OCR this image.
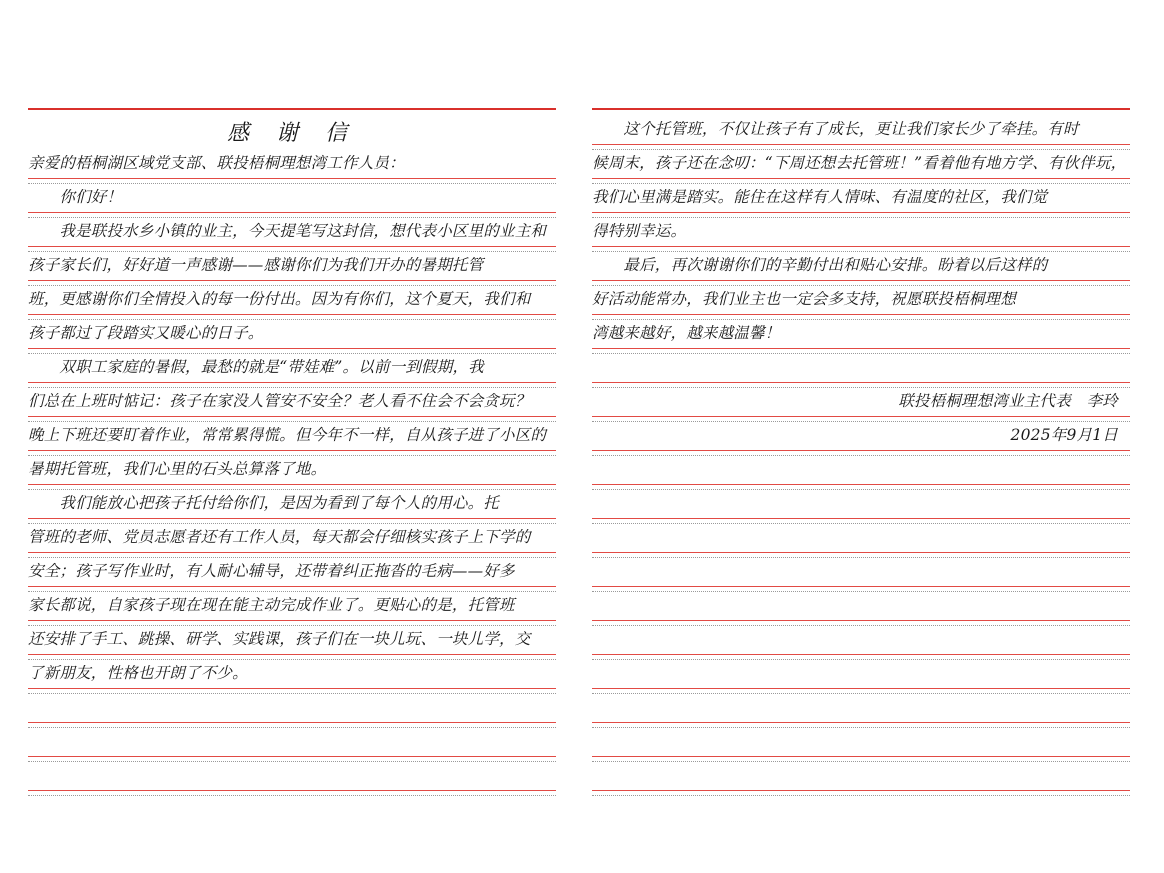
感 谢 信
亲爱的梧桐湖区域党支部、联投梧桐理想湾工作人员：
　　你们好！
　　我是联投水乡小镇的业主，今天提笔写这封信，想代表小区里的业主和
孩子家长们，好好道一声感谢——感谢你们为我们开办的暑期托管
班，更感谢你们全情投入的每一份付出。因为有你们，这个夏天，我们和
孩子都过了段踏实又暖心的日子。
　　双职工家庭的暑假，最愁的就是“带娃难”。以前一到假期，我
们总在上班时惦记：孩子在家没人管安不安全？老人看不住会不会贪玩？
晚上下班还要盯着作业，常常累得慌。但今年不一样，自从孩子进了小区的
暑期托管班，我们心里的石头总算落了地。
　　我们能放心把孩子托付给你们，是因为看到了每个人的用心。托
管班的老师、党员志愿者还有工作人员，每天都会仔细核实孩子上下学的
安全；孩子写作业时，有人耐心辅导，还带着纠正拖沓的毛病——好多
家长都说，自家孩子现在现在能主动完成作业了。更贴心的是，托管班
还安排了手工、跳操、研学、实践课，孩子们在一块儿玩、一块儿学，交
了新朋友，性格也开朗了不少。
　　这个托管班，不仅让孩子有了成长，更让我们家长少了牵挂。有时
候周末，孩子还在念叨：“下周还想去托管班！”看着他有地方学、有伙伴玩，
我们心里满是踏实。能住在这样有人情味、有温度的社区，我们觉
得特别幸运。
　　最后，再次谢谢你们的辛勤付出和贴心安排。盼着以后这样的
好活动能常办，我们业主也一定会多支持，祝愿联投梧桐理想
湾越来越好，越来越温馨！
联投梧桐理想湾业主代表　李玲
2025年9月1日
